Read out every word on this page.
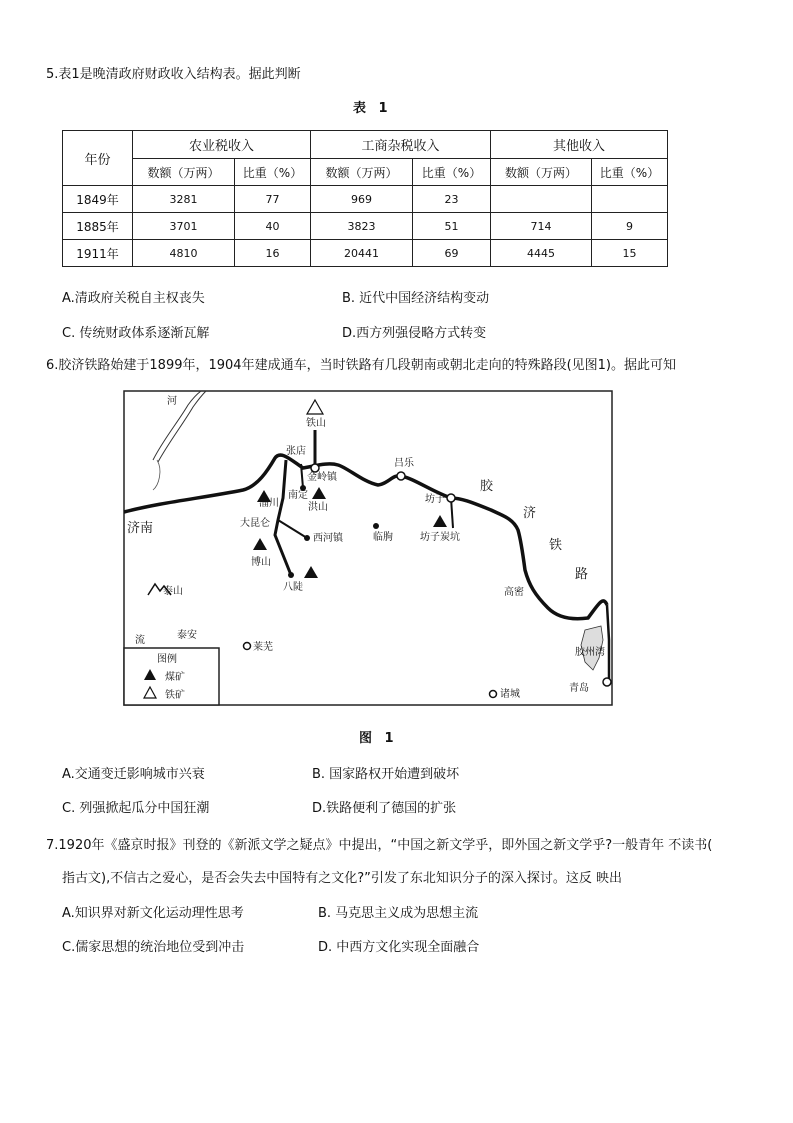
5.表1是晚清政府财政收入结构表。据此判断
表 1
年份	农业税收入		工商杂税收入		其他收入	
	数额（万两）	比重（%）	数额（万两）	比重（%）	数额（万两）	比重（%）
1849年	3281	77	969	23		
1885年	3701	40	3823	51	714	9
1911年	4810	16	20441	69	4445	15
A.清政府关税自主权丧失	B. 近代中国经济结构变动
C. 传统财政体系逐渐瓦解	D.西方列强侵略方式转变
6.胶济铁路始建于1899年，1904年建成通车，当时铁路有几段朝南或朝北走向的特殊路段(见图1)。据此可知
河
铁山
张店
金岭镇
淄川
南定
洪山
大昆仑
博山
西河镇
八陡
济南
临朐
坊子
坊子炭坑
吕乐
高密
泰山
泰安
莱芜
诸城
青岛
胶州湾
流
胶
济
铁
路
图例
煤矿
铁矿
图 1
A.交通变迁影响城市兴衰	B. 国家路权开始遭到破坏
C. 列强掀起瓜分中国狂潮	D.铁路便利了德国的扩张
7.1920年《盛京时报》刊登的《新派文学之疑点》中提出，“中国之新文学乎，即外国之新文学乎?一般青年 不读书(
指古文),不信古之爱心，是否会失去中国特有之文化?”引发了东北知识分子的深入探讨。这反 映出
A.知识界对新文化运动理性思考	B. 马克思主义成为思想主流
C.儒家思想的统治地位受到冲击	D. 中西方文化实现全面融合
